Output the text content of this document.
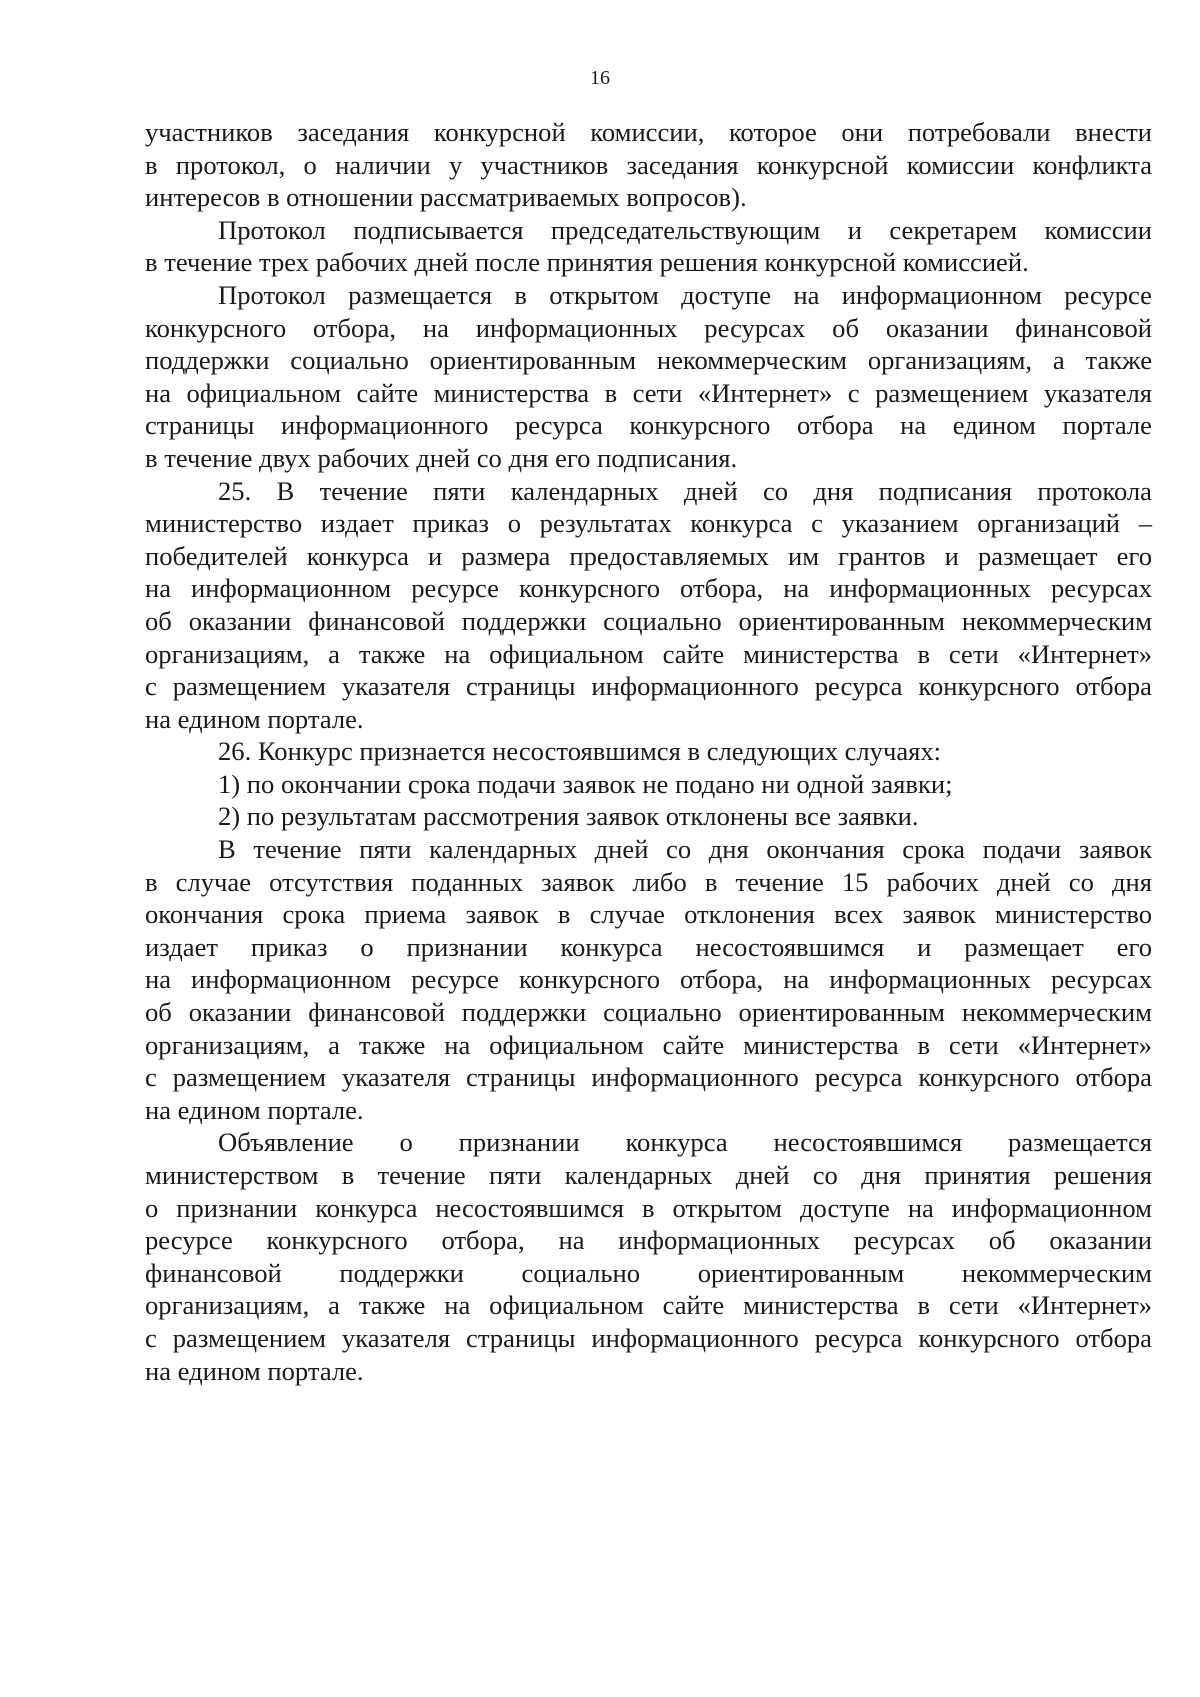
16
участников заседания конкурсной комиссии, которое они потребовали внести
в протокол, о наличии у участников заседания конкурсной комиссии конфликта
интересов в отношении рассматриваемых вопросов).
Протокол подписывается председательствующим и секретарем комиссии
в течение трех рабочих дней после принятия решения конкурсной комиссией.
Протокол размещается в открытом доступе на информационном ресурсе
конкурсного отбора, на информационных ресурсах об оказании финансовой
поддержки социально ориентированным некоммерческим организациям, а также
на официальном сайте министерства в сети «Интернет» с размещением указателя
страницы информационного ресурса конкурсного отбора на едином портале
в течение двух рабочих дней со дня его подписания.
25. В течение пяти календарных дней со дня подписания протокола
министерство издает приказ о результатах конкурса с указанием организаций –
победителей конкурса и размера предоставляемых им грантов и размещает его
на информационном ресурсе конкурсного отбора, на информационных ресурсах
об оказании финансовой поддержки социально ориентированным некоммерческим
организациям, а также на официальном сайте министерства в сети «Интернет»
с размещением указателя страницы информационного ресурса конкурсного отбора
на едином портале.
26. Конкурс признается несостоявшимся в следующих случаях:
1) по окончании срока подачи заявок не подано ни одной заявки;
2) по результатам рассмотрения заявок отклонены все заявки.
В течение пяти календарных дней со дня окончания срока подачи заявок
в случае отсутствия поданных заявок либо в течение 15 рабочих дней со дня
окончания срока приема заявок в случае отклонения всех заявок министерство
издает приказ о признании конкурса несостоявшимся и размещает его
на информационном ресурсе конкурсного отбора, на информационных ресурсах
об оказании финансовой поддержки социально ориентированным некоммерческим
организациям, а также на официальном сайте министерства в сети «Интернет»
с размещением указателя страницы информационного ресурса конкурсного отбора
на едином портале.
Объявление о признании конкурса несостоявшимся размещается
министерством в течение пяти календарных дней со дня принятия решения
о признании конкурса несостоявшимся в открытом доступе на информационном
ресурсе конкурсного отбора, на информационных ресурсах об оказании
финансовой поддержки социально ориентированным некоммерческим
организациям, а также на официальном сайте министерства в сети «Интернет»
с размещением указателя страницы информационного ресурса конкурсного отбора
на едином портале.
